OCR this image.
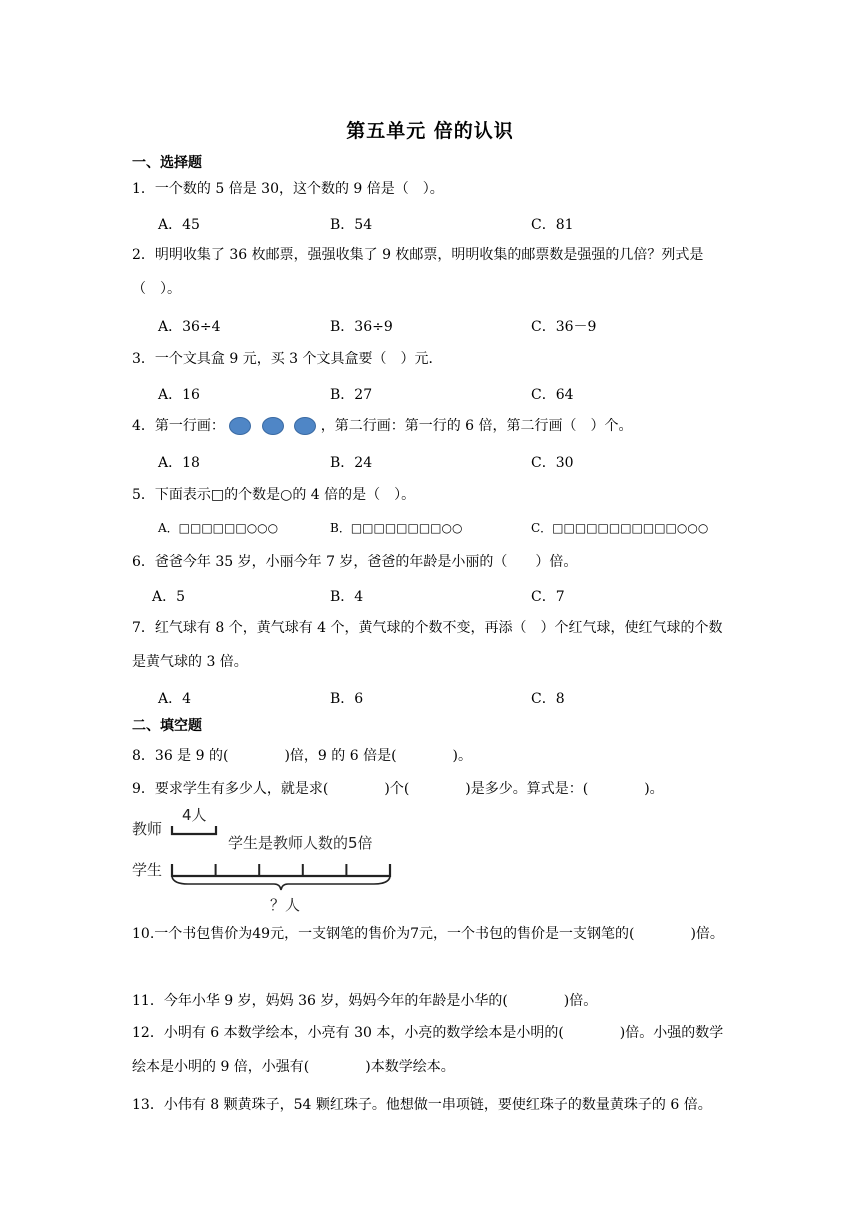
第五单元 倍的认识
一、选择题
1．一个数的 5 倍是 30，这个数的 9 倍是（　）。
A．45	B．54	C．81
2．明明收集了 36 枚邮票，强强收集了 9 枚邮票，明明收集的邮票数是强强的几倍？列式是（　）。
A．36÷4	B．36÷9	C．36－9
3．一个文具盒 9 元，买 3 个文具盒要（　）元．
A．16	B．27	C．64
4．第一行画：	，第二行画：第一行的 6 倍，第二行画（　）个。
A．18	B．24	C．30
5．下面表示□的个数是○的 4 倍的是（　）。
A．□□□□□□○○○	B．□□□□□□□□○○	C．□□□□□□□□□□□○○○
6．爸爸今年 35 岁，小丽今年 7 岁，爸爸的年龄是小丽的（　　）倍。
A．5	B．4	C．7
7．红气球有 8 个，黄气球有 4 个，黄气球的个数不变，再添（　）个红气球，使红气球的个数是黄气球的 3 倍。
A．4	B．6	C．8
二、填空题
8．36 是 9 的(　　　　)倍，9 的 6 倍是(　　　　)。
9．要求学生有多少人，就是求(　　　　)个(　　　　)是多少。算式是：(　　　　)。
教师
4人
学生是教师人数的5倍
学生
？人
10.一个书包售价为49元，一支钢笔的售价为7元，一个书包的售价是一支钢笔的(　　　　)倍。
11．今年小华 9 岁，妈妈 36 岁，妈妈今年的年龄是小华的(　　　　)倍。
12．小明有 6 本数学绘本，小亮有 30 本，小亮的数学绘本是小明的(　　　　)倍。小强的数学绘本是小明的 9 倍，小强有(　　　　)本数学绘本。
13．小伟有 8 颗黄珠子，54 颗红珠子。他想做一串项链，要使红珠子的数量黄珠子的 6 倍。
